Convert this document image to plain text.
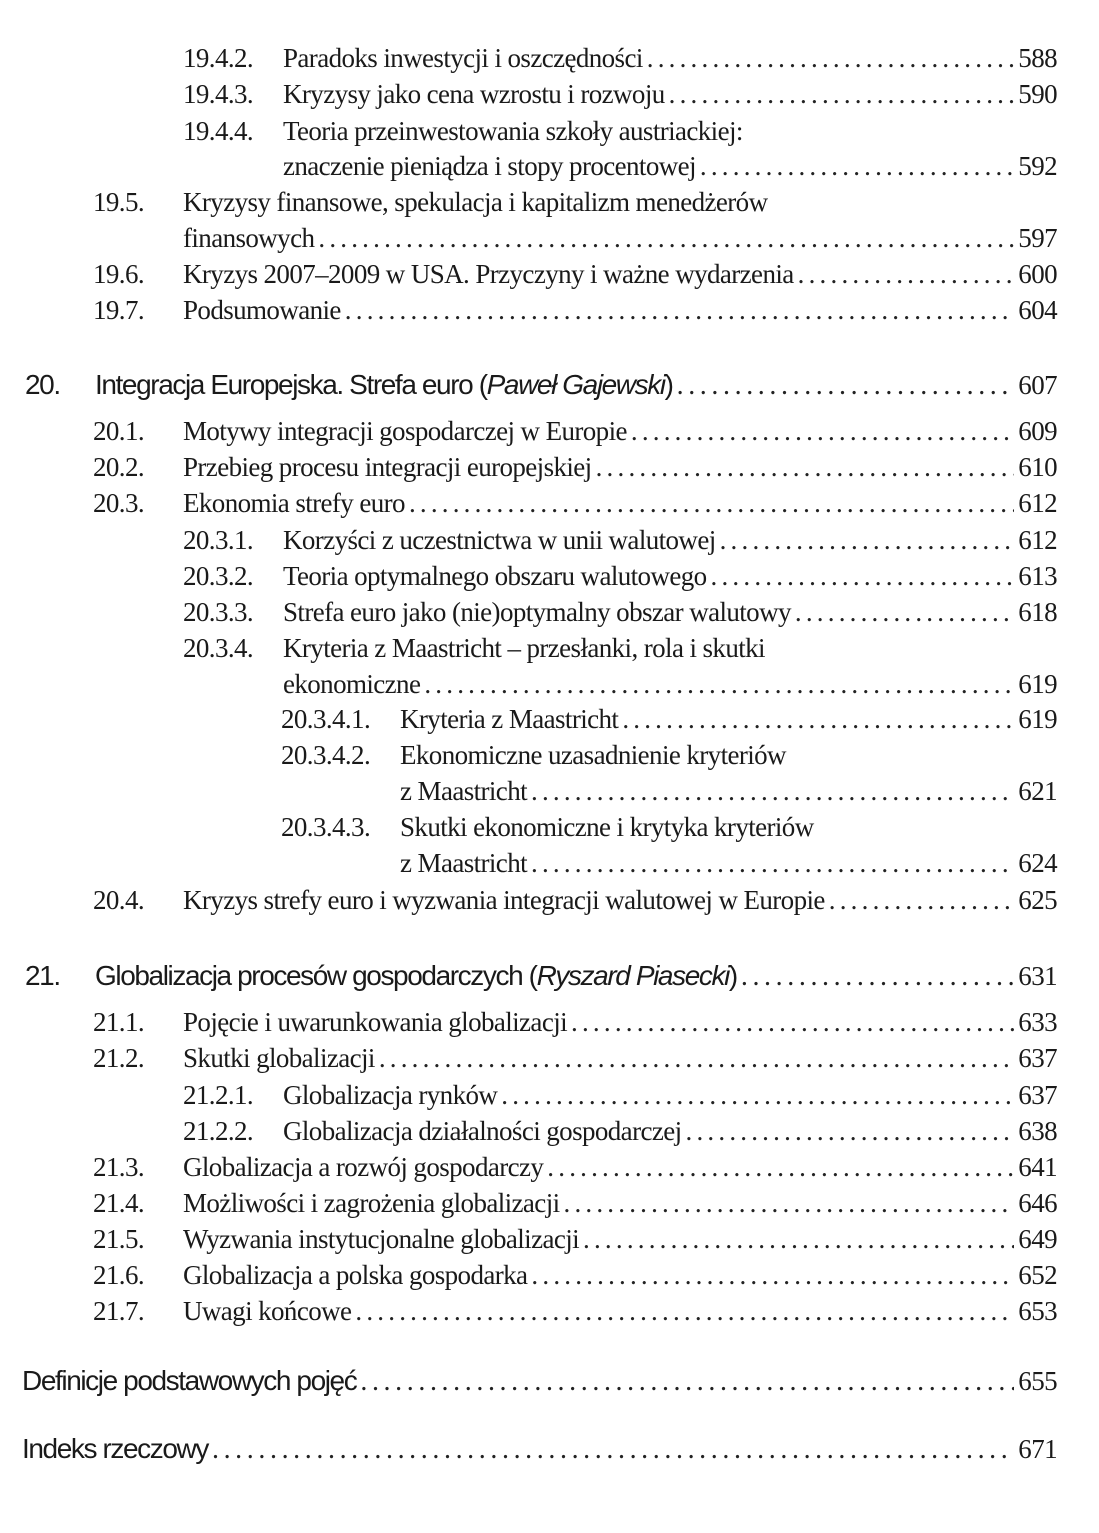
19.4.2. Paradoks inwestycji i oszczędności .....	588
19.4.3. Kryzysy jako cena wzrostu i rozwoju .....	590
19.4.4. Teoria przeinwestowania szkoły austriackiej:
znaczenie pieniądza i stopy procentowej .....	592
19.5. Kryzysy finansowe, spekulacja i kapitalizm menedżerów
finansowych .....	597
19.6. Kryzys 2007–2009 w USA. Przyczyny i ważne wydarzenia .....	600
19.7. Podsumowanie .....	604
20. Integracja Europejska. Strefa euro (Paweł Gajewski) .....	607
20.1. Motywy integracji gospodarczej w Europie .....	609
20.2. Przebieg procesu integracji europejskiej .....	610
20.3. Ekonomia strefy euro .....	612
20.3.1. Korzyści z uczestnictwa w unii walutowej .....	612
20.3.2. Teoria optymalnego obszaru walutowego .....	613
20.3.3. Strefa euro jako (nie)optymalny obszar walutowy .....	618
20.3.4. Kryteria z Maastricht – przesłanki, rola i skutki
ekonomiczne .....	619
20.3.4.1. Kryteria z Maastricht .....	619
20.3.4.2. Ekonomiczne uzasadnienie kryteriów
z Maastricht .....	621
20.3.4.3. Skutki ekonomiczne i krytyka kryteriów
z Maastricht .....	624
20.4. Kryzys strefy euro i wyzwania integracji walutowej w Europie .....	625
21. Globalizacja procesów gospodarczych (Ryszard Piasecki) .....	631
21.1. Pojęcie i uwarunkowania globalizacji .....	633
21.2. Skutki globalizacji .....	637
21.2.1. Globalizacja rynków .....	637
21.2.2. Globalizacja działalności gospodarczej .....	638
21.3. Globalizacja a rozwój gospodarczy .....	641
21.4. Możliwości i zagrożenia globalizacji .....	646
21.5. Wyzwania instytucjonalne globalizacji .....	649
21.6. Globalizacja a polska gospodarka .....	652
21.7. Uwagi końcowe .....	653
Definicje podstawowych pojęć .....	655
Indeks rzeczowy .....	671
